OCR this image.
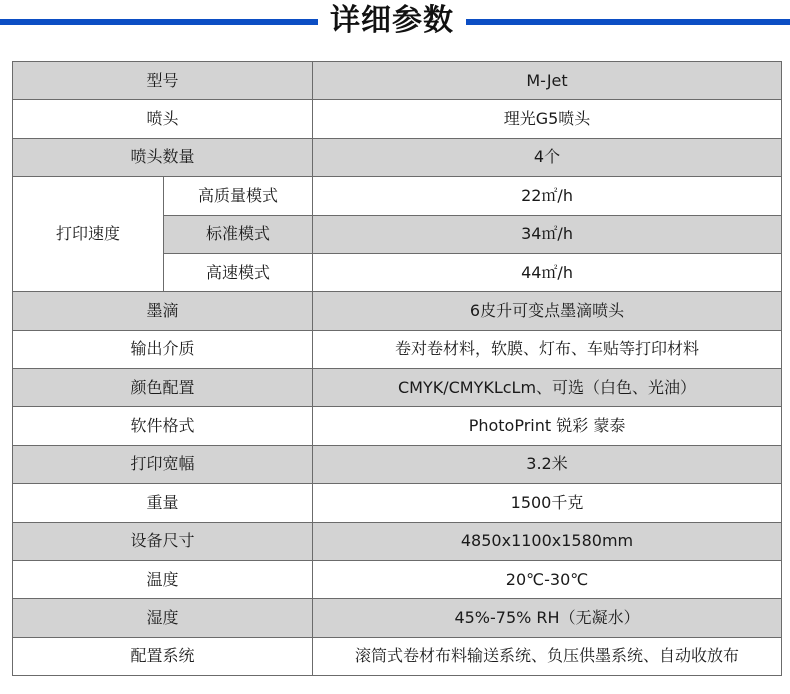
详细参数
型号		M-Jet
喷头		理光G5喷头
喷头数量		4个
打印速度	高质量模式	22㎡/h
	标准模式	34㎡/h
	高速模式	44㎡/h
墨滴		6皮升可变点墨滴喷头
输出介质		卷对卷材料，软膜、灯布、车贴等打印材料
颜色配置		CMYK/CMYKLcLm、可选（白色、光油）
软件格式		PhotoPrint 锐彩 蒙泰
打印宽幅		3.2米
重量		1500千克
设备尺寸		4850x1100x1580mm
温度		20℃-30℃
湿度		45%-75% RH（无凝水）
配置系统		滚筒式卷材布料输送系统、负压供墨系统、自动收放布
